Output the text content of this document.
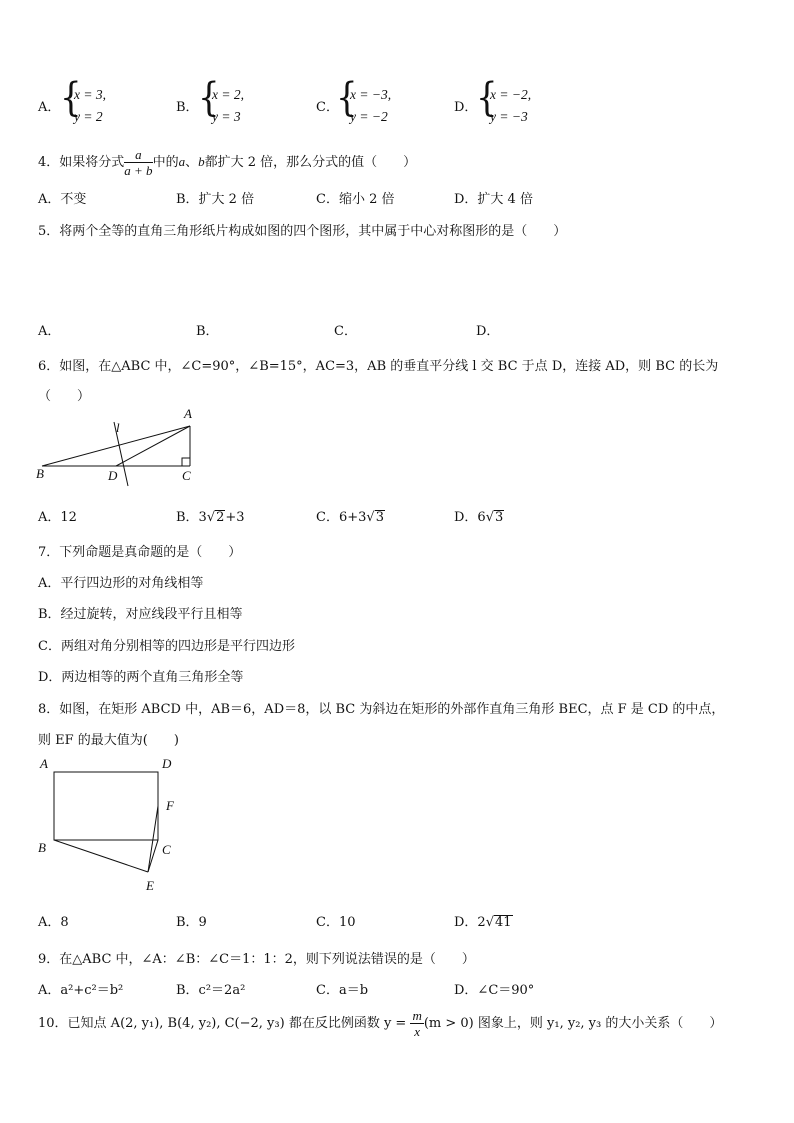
A． {
x = 3,
y = 2
B． {
x = 2,
y = 3
C．
{
x = −3,
y = −2
D．
{
x = −2,
y = −3
4．如果将分式 $\frac{a}{a + b}$ 中的a、b都扩大 2 倍，那么分式的值（　　）
A．不变	B．扩大 2 倍	C．缩小 2 倍	D．扩大 4 倍
5．将两个全等的直角三角形纸片构成如图的四个图形，其中属于中心对称图形的是（　　）
A．	B．	C．	D．
6．如图，在△ABC 中，∠C=90°，∠B=15°，AC=3，AB 的垂直平分线 l 交 BC 于点 D，连接 AD，则 BC 的长为
（　　）
A
B	C
D
l
A．12	B．3√2+3	C．6+3√3	D．6√3
7．下列命题是真命题的是（　　）
A．平行四边形的对角线相等
B．经过旋转，对应线段平行且相等
C．两组对角分别相等的四边形是平行四边形
D．两边相等的两个直角三角形全等
8．如图，在矩形 ABCD 中，AB＝6，AD＝8，以 BC 为斜边在矩形的外部作直角三角形 BEC，点 F 是 CD 的中点，
则 EF 的最大值为(　　)
A	D
F
B	C
E
A．8	B．9	C．10	D．2√41
9．在△ABC 中，∠A：∠B：∠C＝1：1：2，则下列说法错误的是（　　）
A．a²+c²＝b²	B．c²＝2a²	C．a＝b	D．∠C＝90°
10．已知点 A(2, y₁), B(4, y₂), C(−2, y₃) 都在反比例函数 $y = \frac{m}{x} (m > 0)$ 图象上，则 y₁, y₂, y₃ 的大小关系（　　）
